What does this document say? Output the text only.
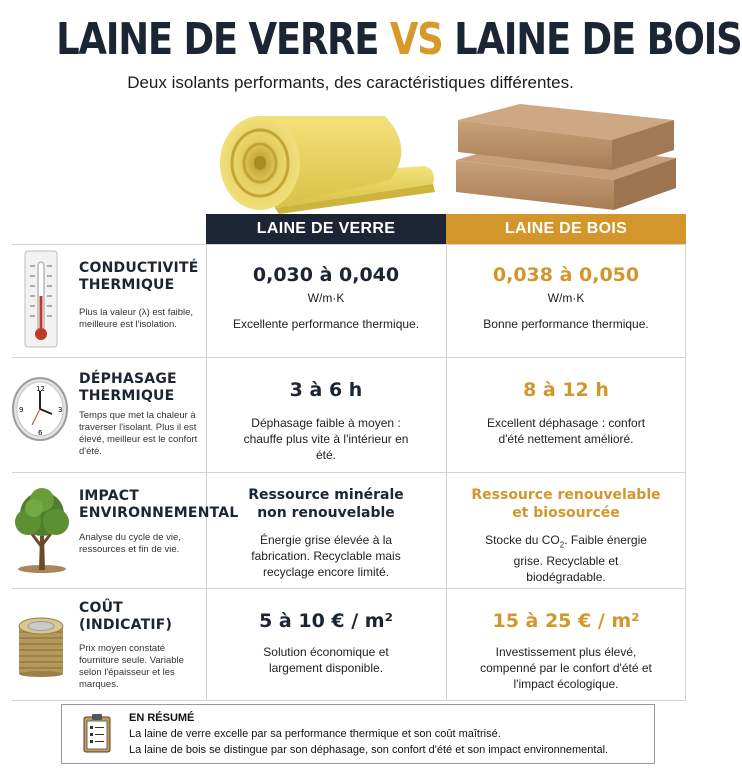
LAINE DE VERRE VS LAINE DE BOIS
Deux isolants performants, des caractéristiques différentes.
LAINE DE VERRE	LAINE DE BOIS
CONDUCTIVITÉ
THERMIQUE
Plus la valeur (λ) est faible, meilleure est l'isolation.
0,030 à 0,040
W/m·K
Excellente performance thermique.
0,038 à 0,050
W/m·K
Bonne performance thermique.
12
3
6
9
DÉPHASAGE
THERMIQUE
Temps que met la chaleur à traverser l'isolant. Plus il est élevé, meilleur est le confort d'été.
3 à 6 h
Déphasage faible à moyen : chauffe plus vite à l'intérieur en été.
8 à 12 h
Excellent déphasage : confort d'été nettement amélioré.
IMPACT
ENVIRONNEMENTAL
Analyse du cycle de vie, ressources et fin de vie.
Ressource minérale
non renouvelable
Énergie grise élevée à la fabrication. Recyclable mais recyclage encore limité.
Ressource renouvelable
et biosourcée
Stocke du $CO_2$. Faible énergie grise. Recyclable et biodégradable.
COÛT
(INDICATIF)
Prix moyen constaté fourniture seule. Variable selon l'épaisseur et les marques.
5 à 10 € / m²
Solution économique et largement disponible.
15 à 25 € / m²
Investissement plus élevé, compenné par le confort d'été et l'impact écologique.
EN RÉSUMÉ
La laine de verre excelle par sa performance thermique et son coût maîtrisé.
La laine de bois se distingue par son déphasage, son confort d'été et son impact environnemental.
